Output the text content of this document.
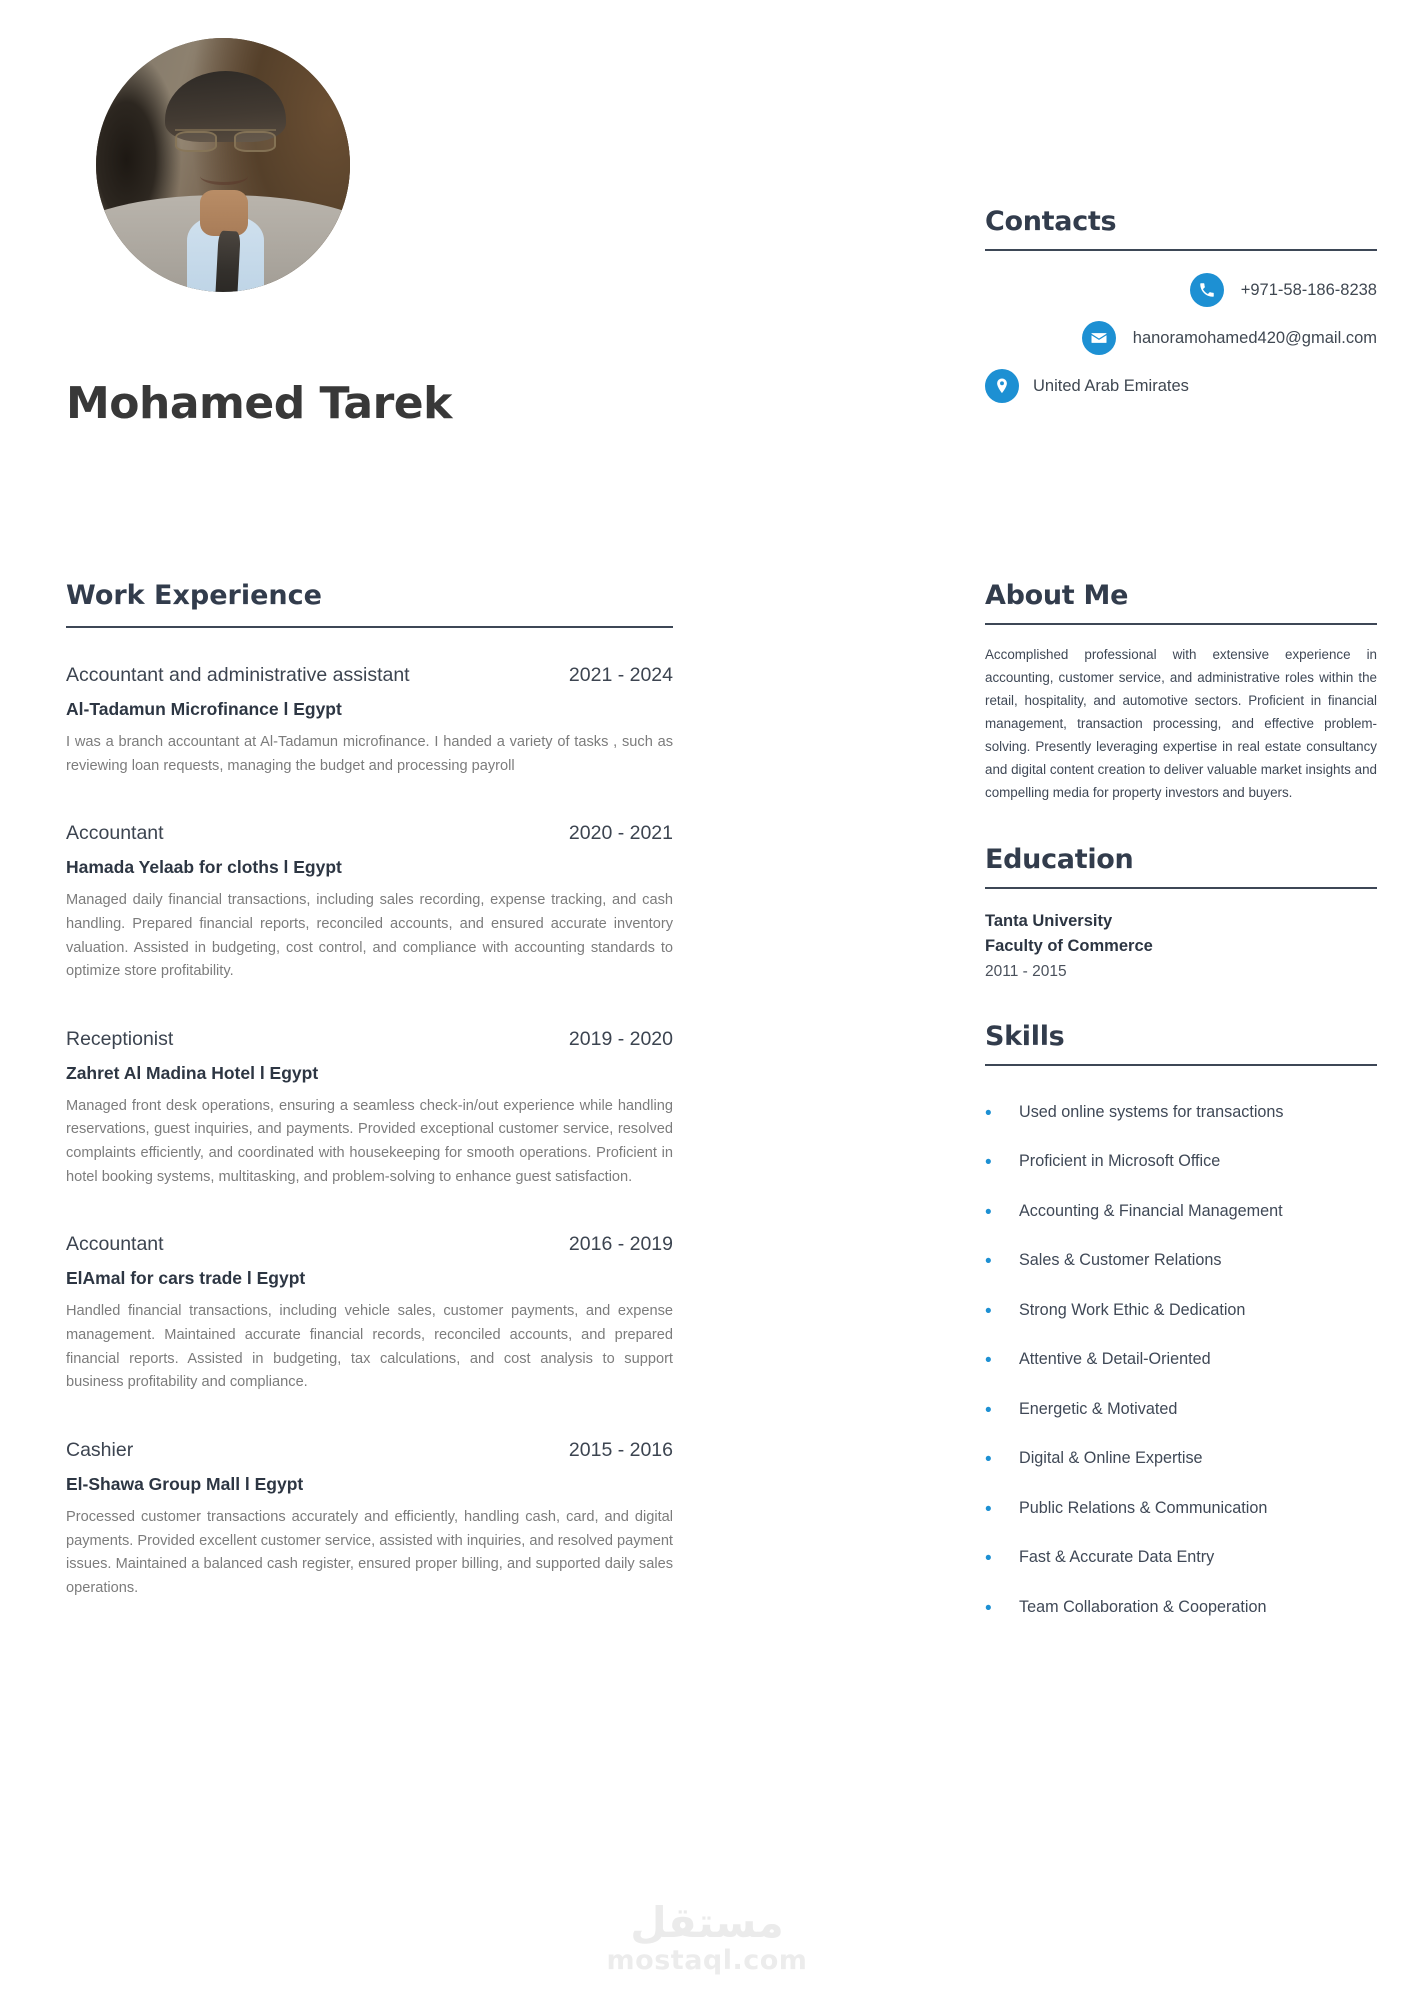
Mohamed Tarek
Contacts
+971-58-186-8238
hanoramohamed420@gmail.com
United Arab Emirates
Work Experience
Accountant and administrative assistant	2021 - 2024
Al-Tadamun Microfinance l Egypt
I was a branch accountant at Al-Tadamun microfinance. I handed a variety of tasks , such as reviewing loan requests, managing the budget and processing payroll
Accountant	2020 - 2021
Hamada Yelaab for cloths l Egypt
Managed daily financial transactions, including sales recording, expense tracking, and cash handling. Prepared financial reports, reconciled accounts, and ensured accurate inventory valuation. Assisted in budgeting, cost control, and compliance with accounting standards to optimize store profitability.
Receptionist	2019 - 2020
Zahret Al Madina Hotel l Egypt
Managed front desk operations, ensuring a seamless check-in/out experience while handling reservations, guest inquiries, and payments. Provided exceptional customer service, resolved complaints efficiently, and coordinated with housekeeping for smooth operations. Proficient in hotel booking systems, multitasking, and problem-solving to enhance guest satisfaction.
Accountant	2016 - 2019
ElAmal for cars trade l Egypt
Handled financial transactions, including vehicle sales, customer payments, and expense management. Maintained accurate financial records, reconciled accounts, and prepared financial reports. Assisted in budgeting, tax calculations, and cost analysis to support business profitability and compliance.
Cashier	2015 - 2016
El-Shawa Group Mall l Egypt
Processed customer transactions accurately and efficiently, handling cash, card, and digital payments. Provided excellent customer service, assisted with inquiries, and resolved payment issues. Maintained a balanced cash register, ensured proper billing, and supported daily sales operations.
About Me
Accomplished professional with extensive experience in accounting, customer service, and administrative roles within the retail, hospitality, and automotive sectors. Proficient in financial management, transaction processing, and effective problem-solving. Presently leveraging expertise in real estate consultancy and digital content creation to deliver valuable market insights and compelling media for property investors and buyers.
Education
Tanta University
Faculty of Commerce
2011 - 2015
Skills
•	Used online systems for transactions
•	Proficient in Microsoft Office
•	Accounting & Financial Management
•	Sales & Customer Relations
•	Strong Work Ethic & Dedication
•	Attentive & Detail-Oriented
•	Energetic & Motivated
•	Digital & Online Expertise
•	Public Relations & Communication
•	Fast & Accurate Data Entry
•	Team Collaboration & Cooperation
مستقل
mostaql.com
